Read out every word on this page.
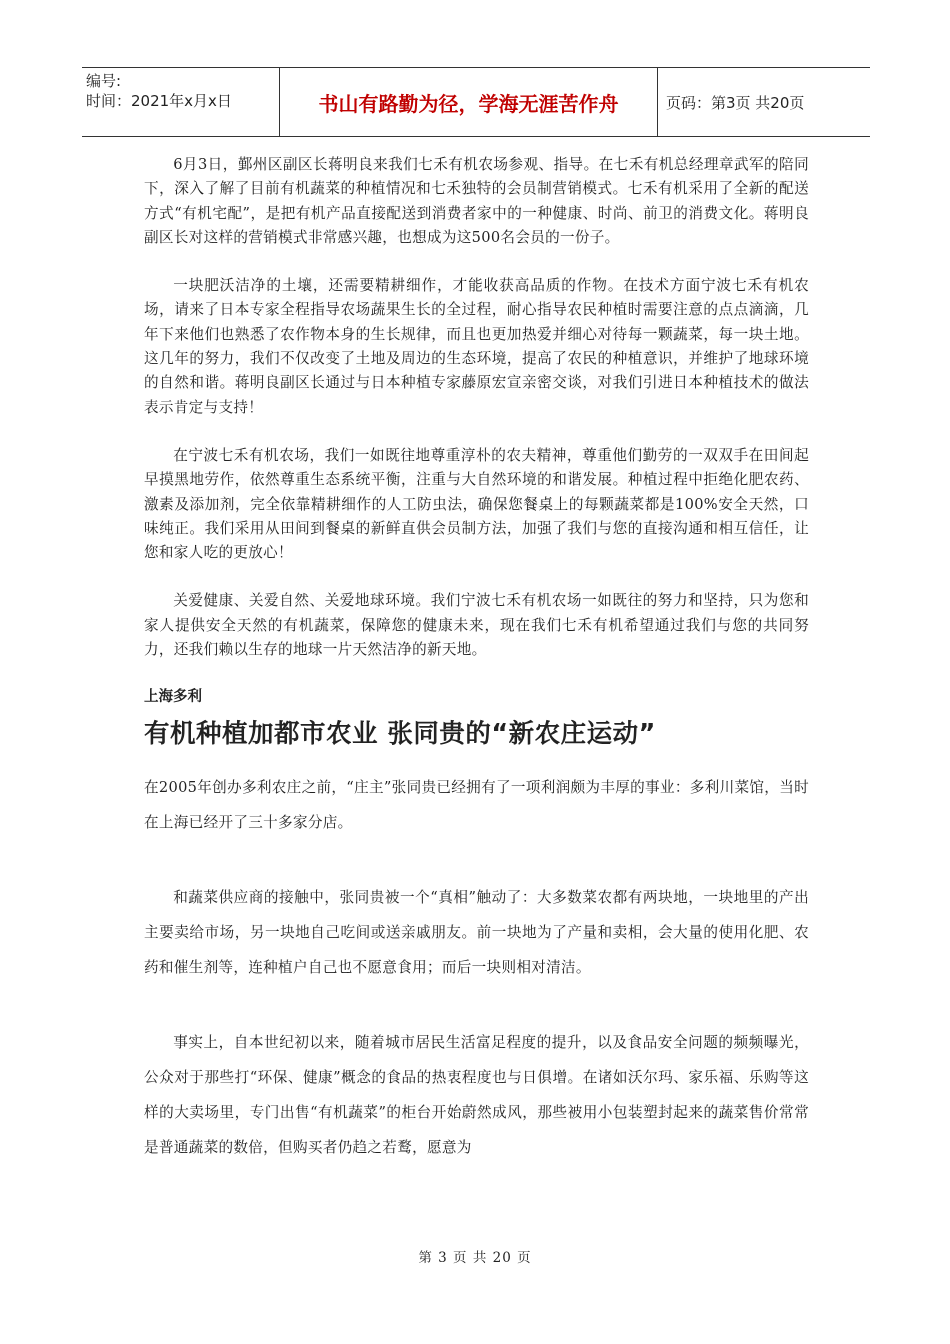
编号:
时间：2021年x月x日	书山有路勤为径，学海无涯苦作舟	页码：第3页 共20页

6月3日，鄞州区副区长蒋明良来我们七禾有机农场参观、指导。在七禾有机总经理章武军的陪同下，深入了解了目前有机蔬菜的种植情况和七禾独特的会员制营销模式。七禾有机采用了全新的配送方式“有机宅配”，是把有机产品直接配送到消费者家中的一种健康、时尚、前卫的消费文化。蒋明良副区长对这样的营销模式非常感兴趣，也想成为这500名会员的一份子。

一块肥沃洁净的土壤，还需要精耕细作，才能收获高品质的作物。在技术方面宁波七禾有机农场，请来了日本专家全程指导农场蔬果生长的全过程，耐心指导农民种植时需要注意的点点滴滴，几年下来他们也熟悉了农作物本身的生长规律，而且也更加热爱并细心对待每一颗蔬菜，每一块土地。这几年的努力，我们不仅改变了土地及周边的生态环境，提高了农民的种植意识，并维护了地球环境的自然和谐。蒋明良副区长通过与日本种植专家藤原宏宣亲密交谈，对我们引进日本种植技术的做法表示肯定与支持！

在宁波七禾有机农场，我们一如既往地尊重淳朴的农夫精神，尊重他们勤劳的一双双手在田间起早摸黑地劳作，依然尊重生态系统平衡，注重与大自然环境的和谐发展。种植过程中拒绝化肥农药、激素及添加剂，完全依靠精耕细作的人工防虫法，确保您餐桌上的每颗蔬菜都是100%安全天然，口味纯正。我们采用从田间到餐桌的新鲜直供会员制方法，加强了我们与您的直接沟通和相互信任，让您和家人吃的更放心！

关爱健康、关爱自然、关爱地球环境。我们宁波七禾有机农场一如既往的努力和坚持，只为您和家人提供安全天然的有机蔬菜，保障您的健康未来，现在我们七禾有机希望通过我们与您的共同努力，还我们赖以生存的地球一片天然洁净的新天地。

上海多利
有机种植加都市农业 张同贵的“新农庄运动”

在2005年创办多利农庄之前，“庄主”张同贵已经拥有了一项利润颇为丰厚的事业：多利川菜馆，当时在上海已经开了三十多家分店。

和蔬菜供应商的接触中，张同贵被一个“真相”触动了：大多数菜农都有两块地，一块地里的产出主要卖给市场，另一块地自己吃间或送亲戚朋友。前一块地为了产量和卖相，会大量的使用化肥、农药和催生剂等，连种植户自己也不愿意食用；而后一块则相对清洁。

事实上，自本世纪初以来，随着城市居民生活富足程度的提升，以及食品安全问题的频频曝光，公众对于那些打“环保、健康”概念的食品的热衷程度也与日俱增。在诸如沃尔玛、家乐福、乐购等这样的大卖场里，专门出售“有机蔬菜”的柜台开始蔚然成风，那些被用小包装塑封起来的蔬菜售价常常是普通蔬菜的数倍，但购买者仍趋之若鹜，愿意为

第 3 页 共 20 页
